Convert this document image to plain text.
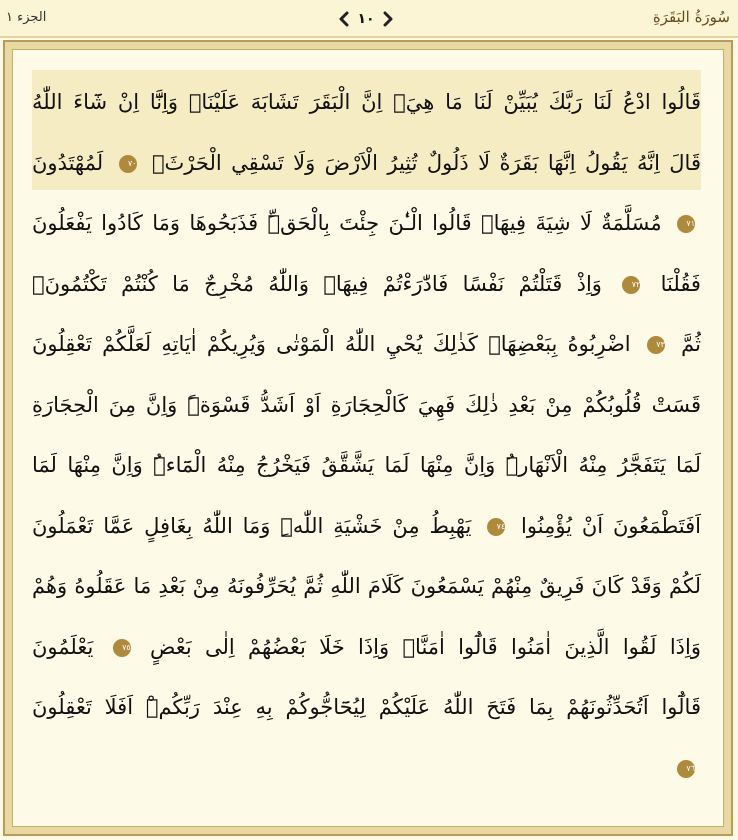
الجزء ١	١٠	سُورَةُ البَقَرَةِ
قَالُوا ادْعُ لَنَا رَبَّكَ يُبَيِّنْ لَنَا مَا هِيَۙ اِنَّ الْبَقَرَ تَشَابَهَ عَلَيْنَاۜ وَاِنَّٓا اِنْ شَٓاءَ اللّٰهُ
قَالَ اِنَّهُ يَقُولُ اِنَّهَا بَقَرَةٌ لَا ذَلُولٌ تُثِيرُ الْاَرْضَ وَلَا تَسْقِي الْحَرْثَۚ ٧٠ لَمُهْتَدُونَ
٧١ مُسَلَّمَةٌ لَا شِيَةَ فِيهَاۜ قَالُوا الْـٰٔنَ جِئْتَ بِالْحَقِّۜ فَذَبَحُوهَا وَمَا كَادُوا يَفْعَلُونَ
فَقُلْنَا ٧٢ وَاِذْ قَتَلْتُمْ نَفْسًا فَادّٰرَءْتُمْ فِيهَاۜ وَاللّٰهُ مُخْرِجٌ مَا كُنْتُمْ تَكْتُمُونَۚ
ثُمَّ ٧٣ اضْرِبُوهُ بِبَعْضِهَاۜ كَذٰلِكَ يُحْيِ اللّٰهُ الْمَوْتٰى وَيُرِيكُمْ اٰيَاتِهِ لَعَلَّكُمْ تَعْقِلُونَ
قَسَتْ قُلُوبُكُمْ مِنْ بَعْدِ ذٰلِكَ فَهِيَ كَالْحِجَارَةِ اَوْ اَشَدُّ قَسْوَةًۜ وَاِنَّ مِنَ الْحِجَارَةِ
لَمَا يَتَفَجَّرُ مِنْهُ الْاَنْهَارُۜ وَاِنَّ مِنْهَا لَمَا يَشَّقَّقُ فَيَخْرُجُ مِنْهُ الْمَٓاءُۜ وَاِنَّ مِنْهَا لَمَا
اَفَتَطْمَعُونَ اَنْ يُؤْمِنُوا ٧٤ يَهْبِطُ مِنْ خَشْيَةِ اللّٰهِۜ وَمَا اللّٰهُ بِغَافِلٍ عَمَّا تَعْمَلُونَ
لَكُمْ وَقَدْ كَانَ فَرِيقٌ مِنْهُمْ يَسْمَعُونَ كَلَامَ اللّٰهِ ثُمَّ يُحَرِّفُونَهُ مِنْ بَعْدِ مَا عَقَلُوهُ وَهُمْ
وَاِذَا لَقُوا الَّذِينَ اٰمَنُوا قَالُٓوا اٰمَنَّاۚ وَاِذَا خَلَا بَعْضُهُمْ اِلٰى بَعْضٍ ٧٥ يَعْلَمُونَ
قَالُٓوا اَتُحَدِّثُونَهُمْ بِمَا فَتَحَ اللّٰهُ عَلَيْكُمْ لِيُحَٓاجُّوكُمْ بِهِ عِنْدَ رَبِّكُمْۜ اَفَلَا تَعْقِلُونَ
٧٦
